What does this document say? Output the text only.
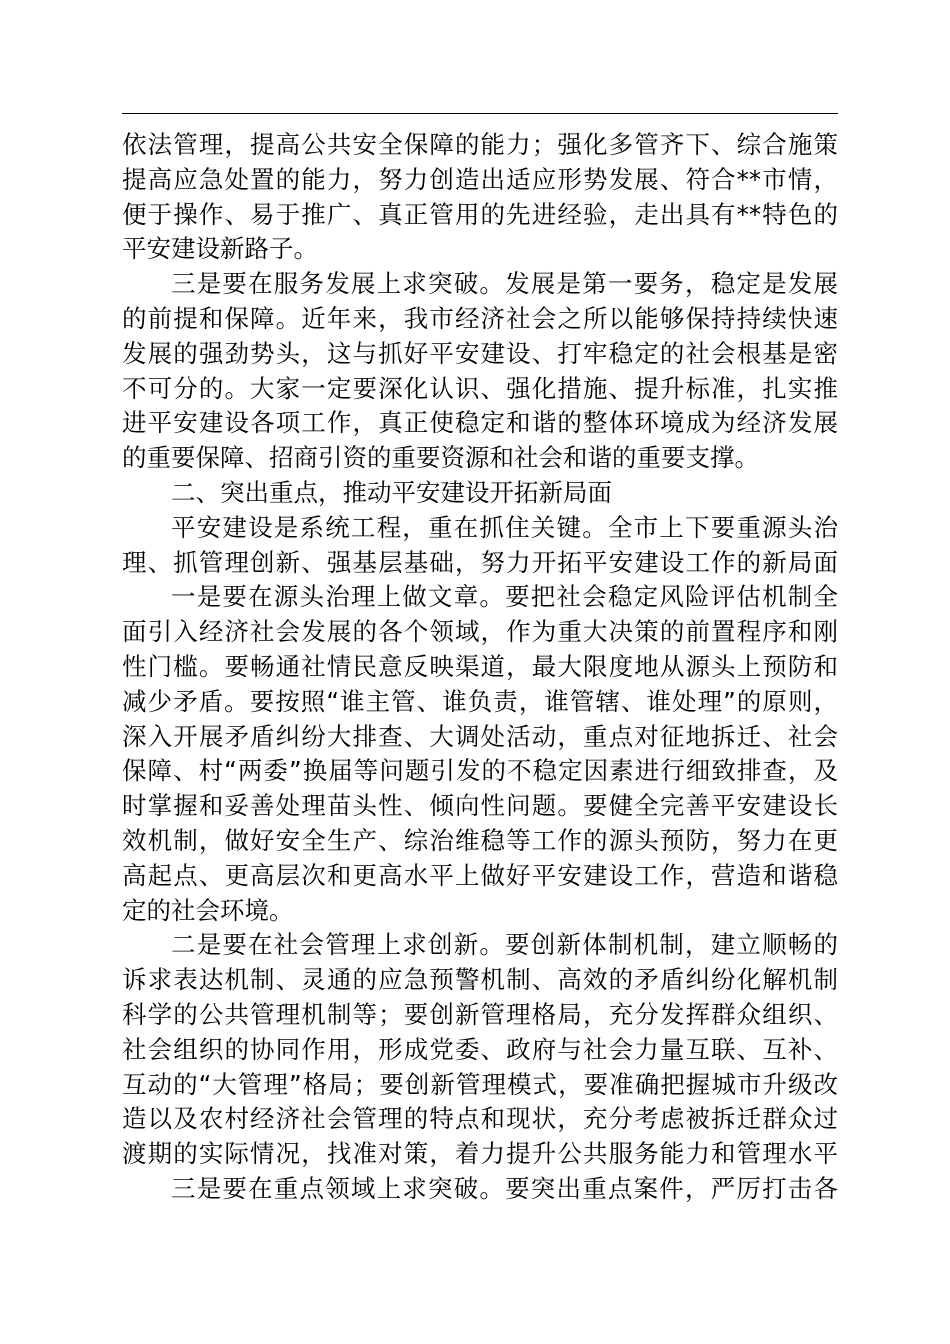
依法管理，提高公共安全保障的能力；强化多管齐下、综合施策
提高应急处置的能力，努力创造出适应形势发展、符合**市情，
便于操作、易于推广、真正管用的先进经验，走出具有**特色的
平安建设新路子。
三是要在服务发展上求突破。发展是第一要务，稳定是发展
的前提和保障。近年来，我市经济社会之所以能够保持持续快速
发展的强劲势头，这与抓好平安建设、打牢稳定的社会根基是密
不可分的。大家一定要深化认识、强化措施、提升标准，扎实推
进平安建设各项工作，真正使稳定和谐的整体环境成为经济发展
的重要保障、招商引资的重要资源和社会和谐的重要支撑。
二、突出重点，推动平安建设开拓新局面
平安建设是系统工程，重在抓住关键。全市上下要重源头治
理、抓管理创新、强基层基础，努力开拓平安建设工作的新局面
一是要在源头治理上做文章。要把社会稳定风险评估机制全
面引入经济社会发展的各个领域，作为重大决策的前置程序和刚
性门槛。要畅通社情民意反映渠道，最大限度地从源头上预防和
减少矛盾。要按照“谁主管、谁负责，谁管辖、谁处理”的原则，
深入开展矛盾纠纷大排查、大调处活动，重点对征地拆迁、社会
保障、村“两委”换届等问题引发的不稳定因素进行细致排查，及
时掌握和妥善处理苗头性、倾向性问题。要健全完善平安建设长
效机制，做好安全生产、综治维稳等工作的源头预防，努力在更
高起点、更高层次和更高水平上做好平安建设工作，营造和谐稳
定的社会环境。
二是要在社会管理上求创新。要创新体制机制，建立顺畅的
诉求表达机制、灵通的应急预警机制、高效的矛盾纠纷化解机制
科学的公共管理机制等；要创新管理格局，充分发挥群众组织、
社会组织的协同作用，形成党委、政府与社会力量互联、互补、
互动的“大管理”格局；要创新管理模式，要准确把握城市升级改
造以及农村经济社会管理的特点和现状，充分考虑被拆迁群众过
渡期的实际情况，找准对策，着力提升公共服务能力和管理水平
三是要在重点领域上求突破。要突出重点案件，严厉打击各
